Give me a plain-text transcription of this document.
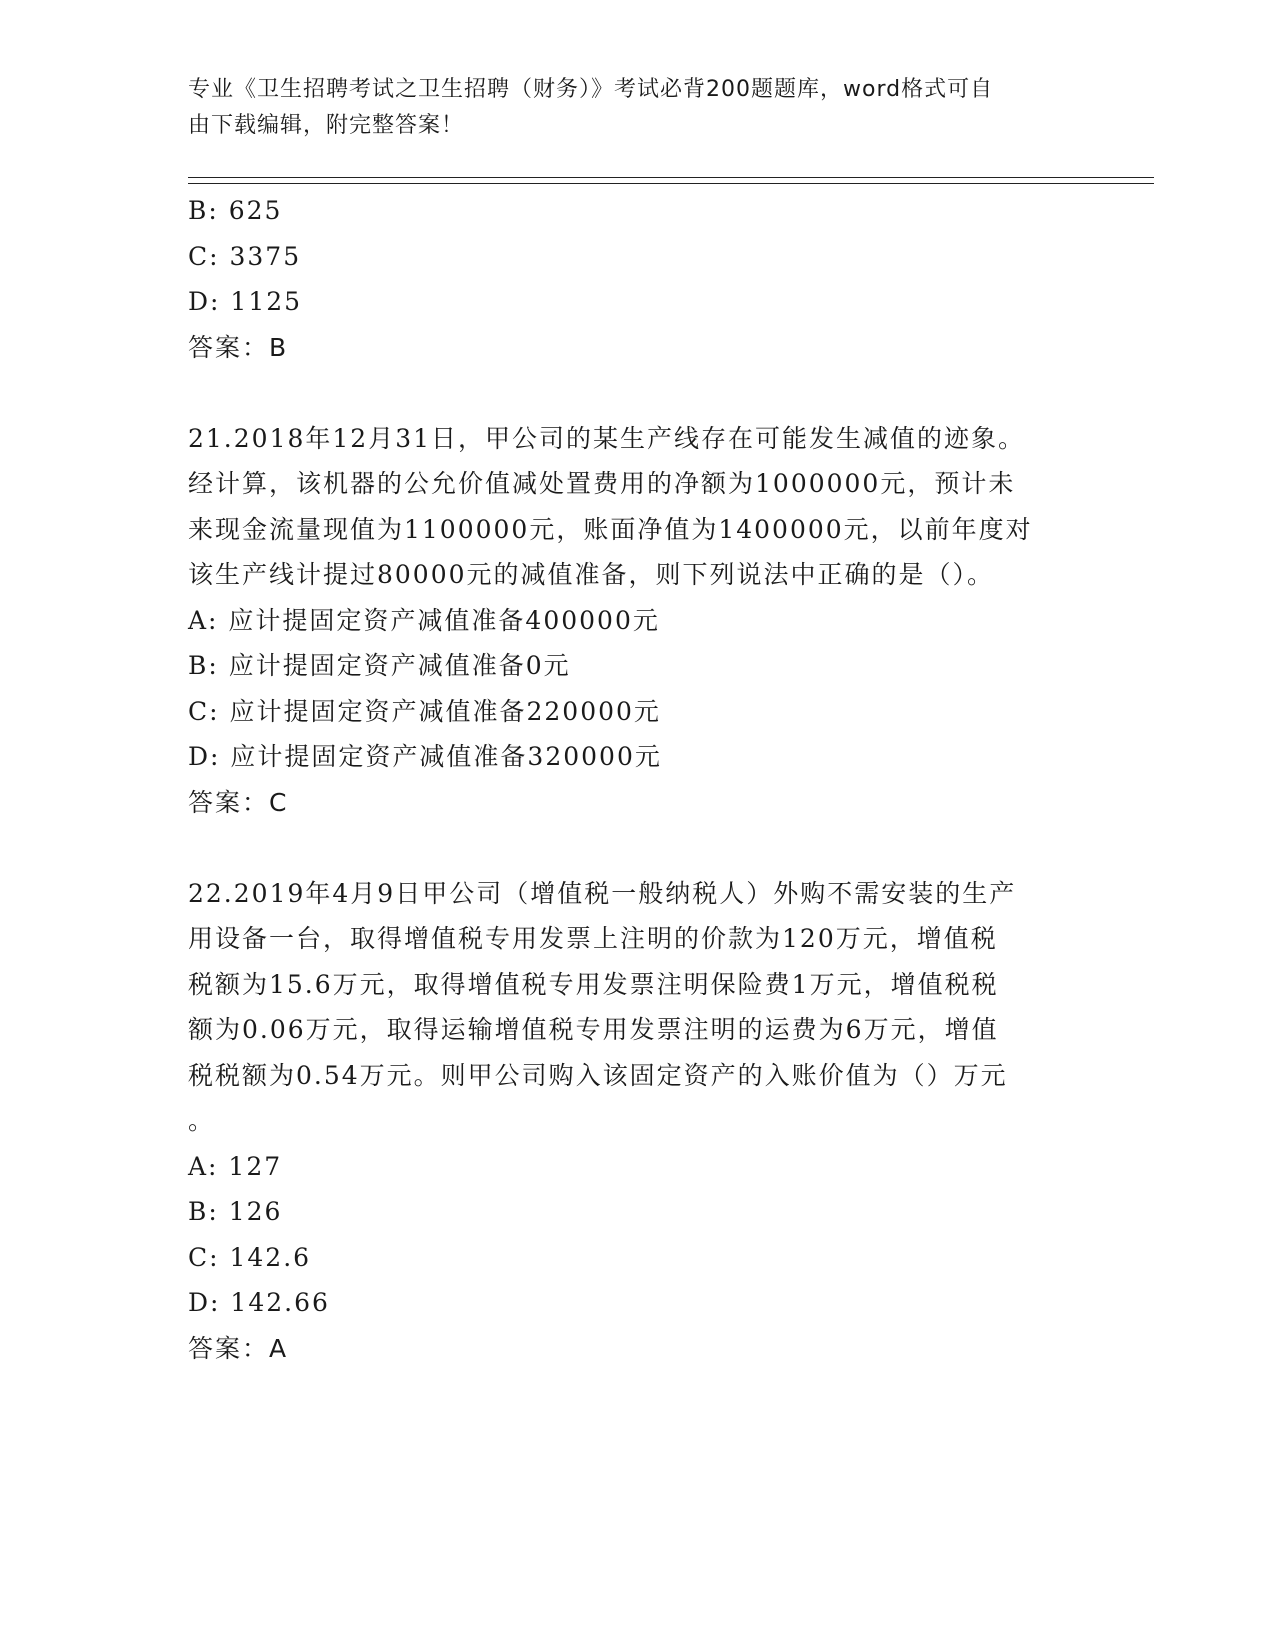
专业《卫生招聘考试之卫生招聘（财务）》考试必背200题题库，word格式可自
由下载编辑，附完整答案！
B: 625
C: 3375
D: 1125
答案：B
21.2018年12月31日，甲公司的某生产线存在可能发生减值的迹象。
经计算，该机器的公允价值减处置费用的净额为1000000元，预计未
来现金流量现值为1100000元，账面净值为1400000元，以前年度对
该生产线计提过80000元的减值准备，则下列说法中正确的是（）。
A: 应计提固定资产减值准备400000元
B: 应计提固定资产减值准备0元
C: 应计提固定资产减值准备220000元
D: 应计提固定资产减值准备320000元
答案：C
22.2019年4月9日甲公司（增值税一般纳税人）外购不需安装的生产
用设备一台，取得增值税专用发票上注明的价款为120万元，增值税
税额为15.6万元，取得增值税专用发票注明保险费1万元，增值税税
额为0.06万元，取得运输增值税专用发票注明的运费为6万元，增值
税税额为0.54万元。则甲公司购入该固定资产的入账价值为（）万元
。
A: 127
B: 126
C: 142.6
D: 142.66
答案：A
